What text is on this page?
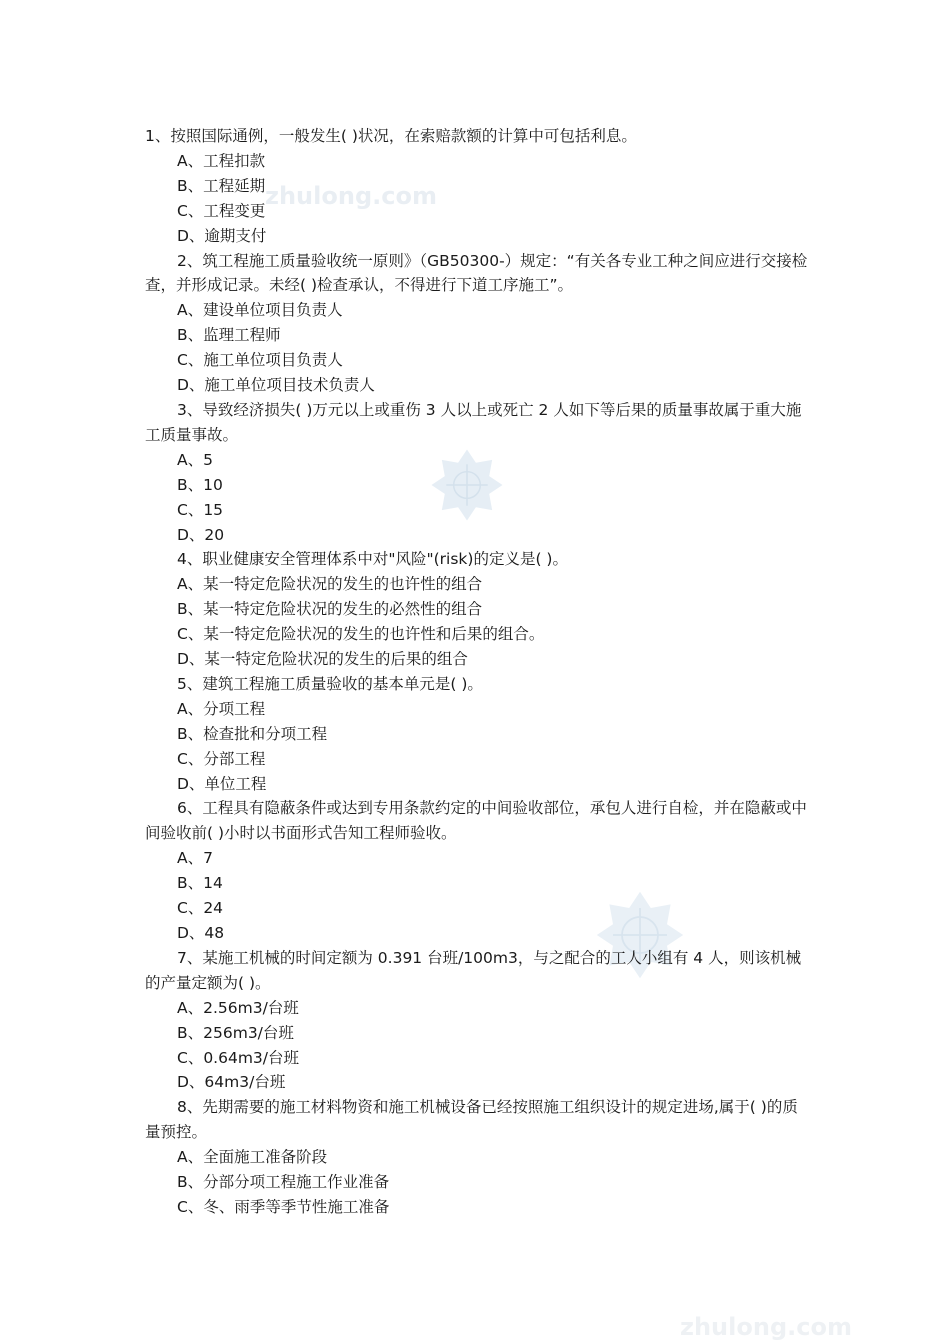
zhulong.com
zhulong.com
1、按照国际通例，一般发生( )状况，在索赔款额的计算中可包括利息。
A、工程扣款
B、工程延期
C、工程变更
D、逾期支付
2、筑工程施工质量验收统一原则》（GB50300-）规定：“有关各专业工种之间应进行交接检查，并形成记录。未经( )检查承认，不得进行下道工序施工”。
A、建设单位项目负责人
B、监理工程师
C、施工单位项目负责人
D、施工单位项目技术负责人
3、导致经济损失( )万元以上或重伤 3 人以上或死亡 2 人如下等后果的质量事故属于重大施工质量事故。
A、5
B、10
C、15
D、20
4、职业健康安全管理体系中对"风险"(risk)的定义是( )。
A、某一特定危险状况的发生的也许性的组合
B、某一特定危险状况的发生的必然性的组合
C、某一特定危险状况的发生的也许性和后果的组合。
D、某一特定危险状况的发生的后果的组合
5、建筑工程施工质量验收的基本单元是( )。
A、分项工程
B、检查批和分项工程
C、分部工程
D、单位工程
6、工程具有隐蔽条件或达到专用条款约定的中间验收部位，承包人进行自检，并在隐蔽或中间验收前( )小时以书面形式告知工程师验收。
A、7
B、14
C、24
D、48
7、某施工机械的时间定额为 0.391 台班/100m3，与之配合的工人小组有 4 人，则该机械的产量定额为( )。
A、2.56m3/台班
B、256m3/台班
C、0.64m3/台班
D、64m3/台班
8、先期需要的施工材料物资和施工机械设备已经按照施工组织设计的规定进场,属于( )的质量预控。
A、全面施工准备阶段
B、分部分项工程施工作业准备
C、冬、雨季等季节性施工准备
